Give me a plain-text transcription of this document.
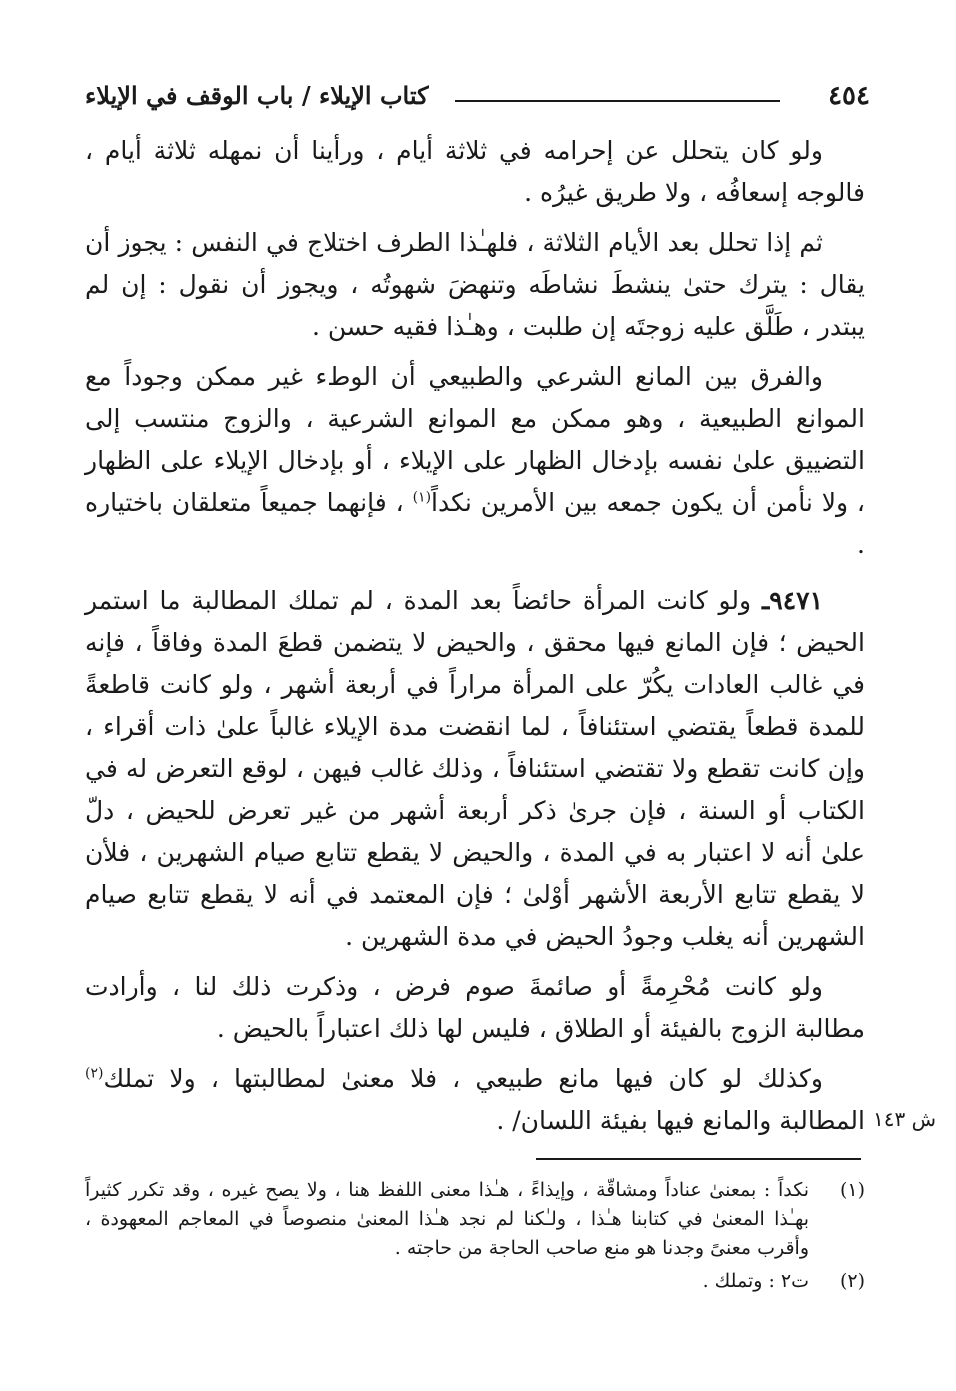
٤٥٤
كتاب الإيلاء / باب الوقف في الإيلاء

ولو كان يتحلل عن إحرامه في ثلاثة أيام ، ورأينا أن نمهله ثلاثة أيام ، فالوجه إسعافُه ، ولا طريق غيرُه .

ثم إذا تحلل بعد الأيام الثلاثة ، فلهـٰذا الطرف اختلاج في النفس : يجوز أن يقال : يترك حتىٰ ينشطَ نشاطَه وتنهضَ شهوتُه ، ويجوز أن نقول : إن لم يبتدر ، طَلَّق عليه زوجتَه إن طلبت ، وهـٰذا فقيه حسن .

والفرق بين المانع الشرعي والطبيعي أن الوطء غير ممكن وجوداً مع الموانع الطبيعية ، وهو ممكن مع الموانع الشرعية ، والزوج منتسب إلى التضييق علىٰ نفسه بإدخال الظهار على الإيلاء ، أو بإدخال الإيلاء على الظهار ، ولا نأمن أن يكون جمعه بين الأمرين نكداً$^{(١)}$ ، فإنهما جميعاً متعلقان باختياره .

٩٤٧١ـ ولو كانت المرأة حائضاً بعد المدة ، لم تملك المطالبة ما استمر الحيض ؛ فإن المانع فيها محقق ، والحيض لا يتضمن قطعَ المدة وفاقاً ، فإنه في غالب العادات يكُرّ على المرأة مراراً في أربعة أشهر ، ولو كانت قاطعةً للمدة قطعاً يقتضي استئنافاً ، لما انقضت مدة الإيلاء غالباً علىٰ ذات أقراء ، وإن كانت تقطع ولا تقتضي استئنافاً ، وذلك غالب فيهن ، لوقع التعرض له في الكتاب أو السنة ، فإن جرىٰ ذكر أربعة أشهر من غير تعرض للحيض ، دلّ علىٰ أنه لا اعتبار به في المدة ، والحيض لا يقطع تتابع صيام الشهرين ، فلأن لا يقطع تتابع الأربعة الأشهر أوْلىٰ ؛ فإن المعتمد في أنه لا يقطع تتابع صيام الشهرين أنه يغلب وجودُ الحيض في مدة الشهرين .

ولو كانت مُحْرِمةً أو صائمةَ صوم فرض ، وذكرت ذلك لنا ، وأرادت مطالبة الزوج بالفيئة أو الطلاق ، فليس لها ذلك اعتباراً بالحيض .

وكذلك لو كان فيها مانع طبيعي ، فلا معنىٰ لمطالبتها ، ولا تملك$^{(٢)}$ المطالبة والمانع فيها بفيئة اللسان/ . ش ١٤٣
(١)
نكداً : بمعنىٰ عناداً ومشاقّة ، وإيذاءً ، هـٰذا معنى اللفظ هنا ، ولا يصح غيره ، وقد تكرر كثيراً بهـٰذا المعنىٰ في كتابنا هـٰذا ، ولـٰكنا لم نجد هـٰذا المعنىٰ منصوصاً في المعاجم المعهودة ، وأقرب معنىً وجدنا هو منع صاحب الحاجة من حاجته .
(٢)
ت٢ : وتملك .
